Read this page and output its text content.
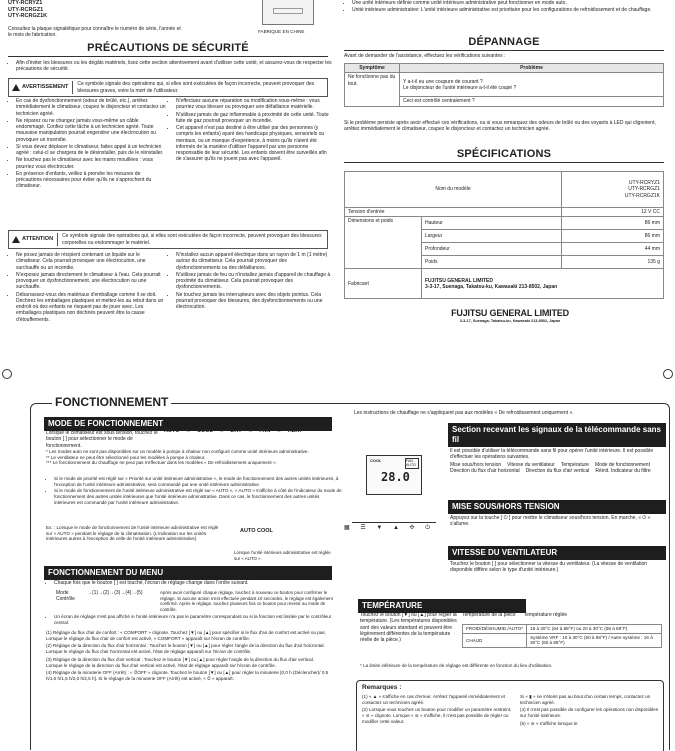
UTY-RCRYZ1
UTY-RCRGZ1
UTY-RCRGZ1K
Consultez la plaque signalétique pour connaître le numéro de série, l'année et le mois de fabrication.
FABRIQUE EN CHINE
• Une unité intérieure définie comme unité intérieure administrative peut fonctionner en mode auto.
• Unité intérieure administrative: L'unité intérieure administrative est prioritaire pour les configurations de refroidissement et de chauffage.
PRÉCAUTIONS DE SÉCURITÉ
• Afin d'éviter les blessures ou les dégâts matériels, lisez cette section attentivement avant d'utiliser cette unité, et assurez-vous de respecter les précautions de sécurité.
AVERTISSEMENT Ce symbole signale des opérations qui, si elles sont exécutées de façon incorrecte, peuvent provoquer des blessures graves, voire la mort de l'utilisateur.
• En cas de dysfonctionnement (odeur de brûlé, etc.), arrêtez immédiatement le climatiseur, coupez le disjoncteur et contactez un technicien agréé.
• Ne réparez ou ne changez jamais vous-même un câble endommagé. Confiez cette tâche à un technicien agréé. Toute mauvaise manipulation pourrait engendrer une électrocution ou provoquer un incendie.
• Si vous devez déplacer le climatiseur, faites appel à un technicien agréé : celui-ci se chargera de le désinstaller, puis de le réinstaller.
• Ne touchez pas le climatiseur avec les mains mouillées : vous pourriez vous électrocuter.
• En présence d'enfants, veillez à prendre les mesures de précautions nécessaires pour éviter qu'ils ne s'approchent du climatiseur.
• N'effectuez aucune réparation ou modification vous-même : vous pourriez vous blesser ou provoquer une défaillance matérielle.
• N'utilisez jamais de gaz inflammable à proximité de cette unité. Toute fuite de gaz pourrait provoquer un incendie.
• Cet appareil n'est pas destiné à être utilisé par des personnes (y compris les enfants) ayant des handicaps physiques, sensoriels ou mentaux, ou un manque d'expérience, à moins qu'ils n'aient été informés de la manière d'utiliser l'appareil par une personne responsable de leur sécurité. Les enfants doivent être surveillés afin de s'assurer qu'ils ne jouent pas avec l'appareil.
ATTENTION Ce symbole signale des opérations qui, si elles sont exécutées de façon incorrecte, peuvent provoquer des blessures corporelles ou endommager le matériel.
• Ne posez jamais de récipient contenant un liquide sur le climatiseur. Cela pourrait provoquer une électrocution, une surchauffe ou un incendie.
• N'exposez jamais directement le climatiseur à l'eau. Cela pourrait provoquer un dysfonctionnement, une électrocution ou une surchauffe.
• Débarrassez-vous des matériaux d'emballage comme il se doit. Déchirez les emballages plastiques et mettez-les au rebut dans un endroit où des enfants ne risquent pas de jouer avec. Les emballages plastiques non déchirés peuvent être la cause d'étouffements.
• N'installez aucun appareil électrique dans un rayon de 1 m (1 mètre) autour du climatiseur. Cela pourrait provoquer des dysfonctionnements ou des défaillances.
• N'utilisez jamais de feu ou n'installez jamais d'appareil de chauffage à proximité du climatiseur. Cela pourrait provoquer des dysfonctionnements.
• Ne touchez jamais les interrupteurs avec des objets pointus. Cela pourrait provoquer des blessures, des dysfonctionnements ou une électrocution.
DÉPANNAGE
Avant de demander de l'assistance, effectuez les vérifications suivantes :
Symptôme	Problème
Ne fonctionne pas du tout.	Y a-t-il eu une coupure de courant ?
Le disjoncteur de l'unité intérieure a-t-il été coupé ?

	Ceci est contrôlé centralement ?
Si le problème persiste après avoir effectué ces vérifications, ou si vous remarquez des odeurs de brûlé ou des voyants à LED qui clignotent, arrêtez immédiatement le climatiseur, coupez le disjoncteur et contactez un technicien agréé.
SPÉCIFICATIONS
Nom du modèle		UTY-RCRYZ1
UTY-RCRGZ1
UTY-RCRGZ1K

Tension d'entrée		12 V CC
Dimensions et poids	Hauteur	86 mm
	Largeur	86 mm
	Profondeur	44 mm
	Poids	135 g
Fabricant	FUJITSU GENERAL LIMITED
3-3-17, Suenaga, Takatsu-ku, Kawasaki 213-8502, Japan	
FUJITSU GENERAL LIMITED
3-3-17, Suenaga, Takatsu-ku, Kawasaki 213-8502, Japan
FONCTIONNEMENT
Les instructions de chauffage ne s'appliquent pas aux modèles « De refroidissement uniquement ».
MODE DE FONCTIONNEMENT
Lorsque le climatiseur est sous tension, touchez le bouton [ ] pour sélectionner le mode de fonctionnement.
AUTO → COOL → DRY → FAN → HEAT
* Les modes auto ne sont pas disponibles sur un modèle à pompe à chaleur non configuré comme unité intérieure administrative.
** Le ventilateur ne peut être sélectionné pour les modèles à pompe à chaleur.
*** Le fonctionnement du chauffage ne peut pas s'effectuer dans les modèles « De refroidissement uniquement ».
• Si le mode de priorité est réglé sur « Priorité sur unité intérieure administrative », le mode de fonctionnement des autres unités intérieures, à l'exception de l'unité intérieure administrative, sera commandé par une unité intérieure administrative.
• Si le mode de fonctionnement de l'unité intérieure administrative est réglé sur « AUTO », « AUTO » s'affiche à côté de l'indicateur du mode de fonctionnement des autres unités intérieures que l'unité intérieure administrative. Dans ce cas, le fonctionnement des autres unités intérieures est commandé par l'unité intérieure administrative.
Ex. : Lorsque le mode de fonctionnement de l'unité intérieure administrative est réglé sur « AUTO » pendant le réglage de la climatisation. (L'indication sur les unités intérieures autres à l'exception de celle de l'unité intérieure administrative)
AUTO COOL
Lorsque l'unité intérieure administrative est réglée sur « AUTO ».
FONCTIONNEMENT DU MENU
• Chaque fois que le bouton [ ] est touché, l'écran de réglage change dans l'ordre suivant.
Mode Contrôle
→(1)→(2)→(3)→(4)→(5)	Après avoir configuré chaque réglage, touchez à nouveau ce bouton pour confirmer le réglage. Si aucune action n'est effectuée pendant 10 secondes, le réglage est également confirmé. Après le réglage, touchez plusieurs fois ce bouton pour revenir au mode de contrôle.
• Un écran de réglage n'est pas affiché si l'unité intérieure n'a pas le paramètre correspondant ou si la fonction est limitée par le contrôleur central.
(1) Réglage du flux d'air de confort : « COMFORT » clignote. Touchez [▼] ou [▲] pour spécifier si le flux d'air de confort est activé ou pas. Lorsque le réglage du flux d'air de confort est activé, « COMFORT » apparaît sur l'écran de contrôle.
(2) Réglage de la direction du flux d'air horizontal : Touchez le bouton [▼] ou [▲] pour régler l'angle de la direction du flux d'air horizontal. Lorsque le réglage du flux d'air horizontal est activé, l'état de réglage apparaît sur l'écran de contrôle.
(3) Réglage de la direction du flux d'air vertical : Touchez le bouton [▼] ou [▲] pour régler l'angle de la direction du flux d'air vertical. Lorsque le réglage de la direction du flux d'air vertical est activé, l'état de réglage apparaît sur l'écran de contrôle.
(4) Réglage de la minuterie OFF (Arrêt) : « ⏱OFF » clignote. Touchez le bouton [▼] ou [▲] pour régler la minuterie [0,0 h (Déclencher)/ 0,5 h/1,0 h/1,5 h/2,0 h/2,5 h]. Si le réglage de la minuterie OFF (Arrêt) est activé, « ⏱ » apparaît.
COOL	FAN AUTO
28.0
▦ ☰ ▼ ▲ ✣ ⏻
Section recevant les signaux de la télécommande sans fil
Il est possible d'utiliser la télécommande sans fil pour opérer l'unité intérieure. Il est possible d'effectuer les opérations suivantes.
Mise sous/hors tension Vitesse du ventilateur Température Mode de fonctionnement
Direction du flux d'air horizontal Direction du flux d'air vertical Réinit. Indicateur du filtre
MISE SOUS/HORS TENSION
Appuyez sur la touche [ ⏻ ] pour mettre le climatiseur sous/hors tension. En marche, « ⏻ » s'allume.
VITESSE DU VENTILATEUR
Touchez le bouton [ ] pour sélectionner la vitesse du ventilateur. (La vitesse de ventilation disponible diffère selon le type d'unité intérieure.)
TEMPÉRATURE
Touchez le bouton [▼] ou [▲] pour régler la température. (Les températures disponibles sont des valeurs standard et peuvent être légèrement différentes de la température réelle de la pièce.)
Température de la pièce Température réglée
FROID/DÉSHUMID./AUTO*	18 à 30°C (64 à 88°F) ou 20 à 30°C (68 à 88°F)
CHAUD	Système VRF : 10 à 30°C (50 à 88°F) / Autre système : 16 à 30°C (60 à 88°F)
* La limite inférieure de la température de réglage est différente en fonction du lieu d'utilisation.
Remarques :
(1) « ▲ » s'affiche en cas d'erreur. Arrêtez l'appareil immédiatement et contactez un technicien agréé.
(2) Lorsque vous touchez un bouton pour modifier un paramètre restreint, « ⊘ » clignote. Lorsque « ⊘ » s'affiche, il n'est pas possible de régler ou modifier cette valeur.
Si « ▮ » ne s'éteint pas au bout d'un certain temps, contactez un technicien agréé.
(4) Il n'est pas possible de configurer les opérations non disponibles sur l'unité intérieure.
(5) « ⊘ » s'affiche lorsque le
